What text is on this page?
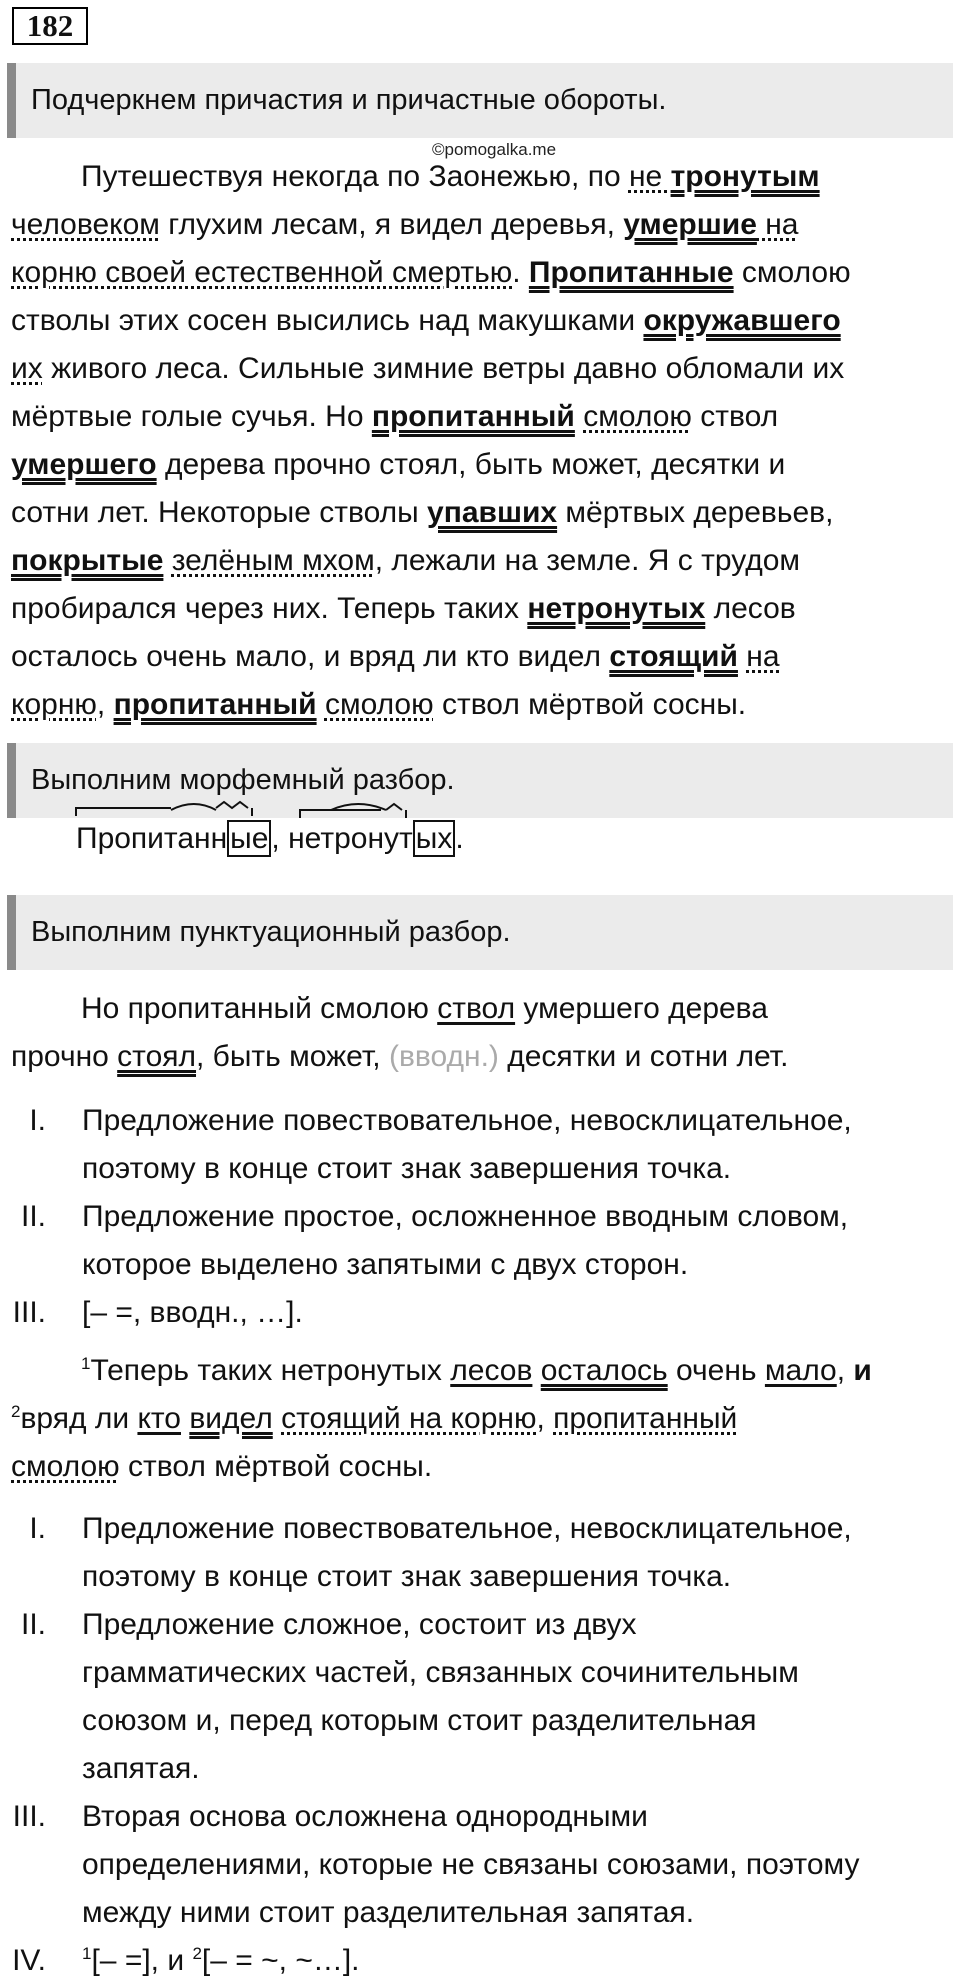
182
Подчеркнем причастия и причастные обороты.
©pomogalka.me
Путешествуя некогда по Заонежью, по не тронутым
человеком глухим лесам, я видел деревья, умершие на
корню своей естественной смертью. Пропитанные смолою
стволы этих сосен высились над макушками окружавшего
их живого леса. Сильные зимние ветры давно обломали их
мёртвые голые сучья. Но пропитанный смолою ствол
умершего дерева прочно стоял, быть может, десятки и
сотни лет. Некоторые стволы упавших мёртвых деревьев,
покрытые зелёным мхом, лежали на земле. Я с трудом
пробирался через них. Теперь таких нетронутых лесов
осталось очень мало, и вряд ли кто видел стоящий на
корню, пропитанный смолою ствол мёртвой сосны.
Выполним морфемный разбор.
Пропитанн ые , нетронут ых .
Выполним пунктуационный разбор.
Но пропитанный смолою ствол умершего дерева
прочно стоял, быть может, (вводн.) десятки и сотни лет.
I. Предложение повествовательное, невосклицательное,
поэтому в конце стоит знак завершения точка.
II. Предложение простое, осложненное вводным словом,
которое выделено запятыми с двух сторон.
III. [– =, вводн., …].
$^1$Теперь таких нетронутых лесов осталось очень мало, и
$^2$вряд ли кто видел стоящий на корню, пропитанный
смолою ствол мёртвой сосны.
I. Предложение повествовательное, невосклицательное,
поэтому в конце стоит знак завершения точка.
II. Предложение сложное, состоит из двух
грамматических частей, связанных сочинительным
союзом и, перед которым стоит разделительная
запятая.
III. Вторая основа осложнена однородными
определениями, которые не связаны союзами, поэтому
между ними стоит разделительная запятая.
IV. $^1$[– =], и $^2$[– = ~, ~…].
